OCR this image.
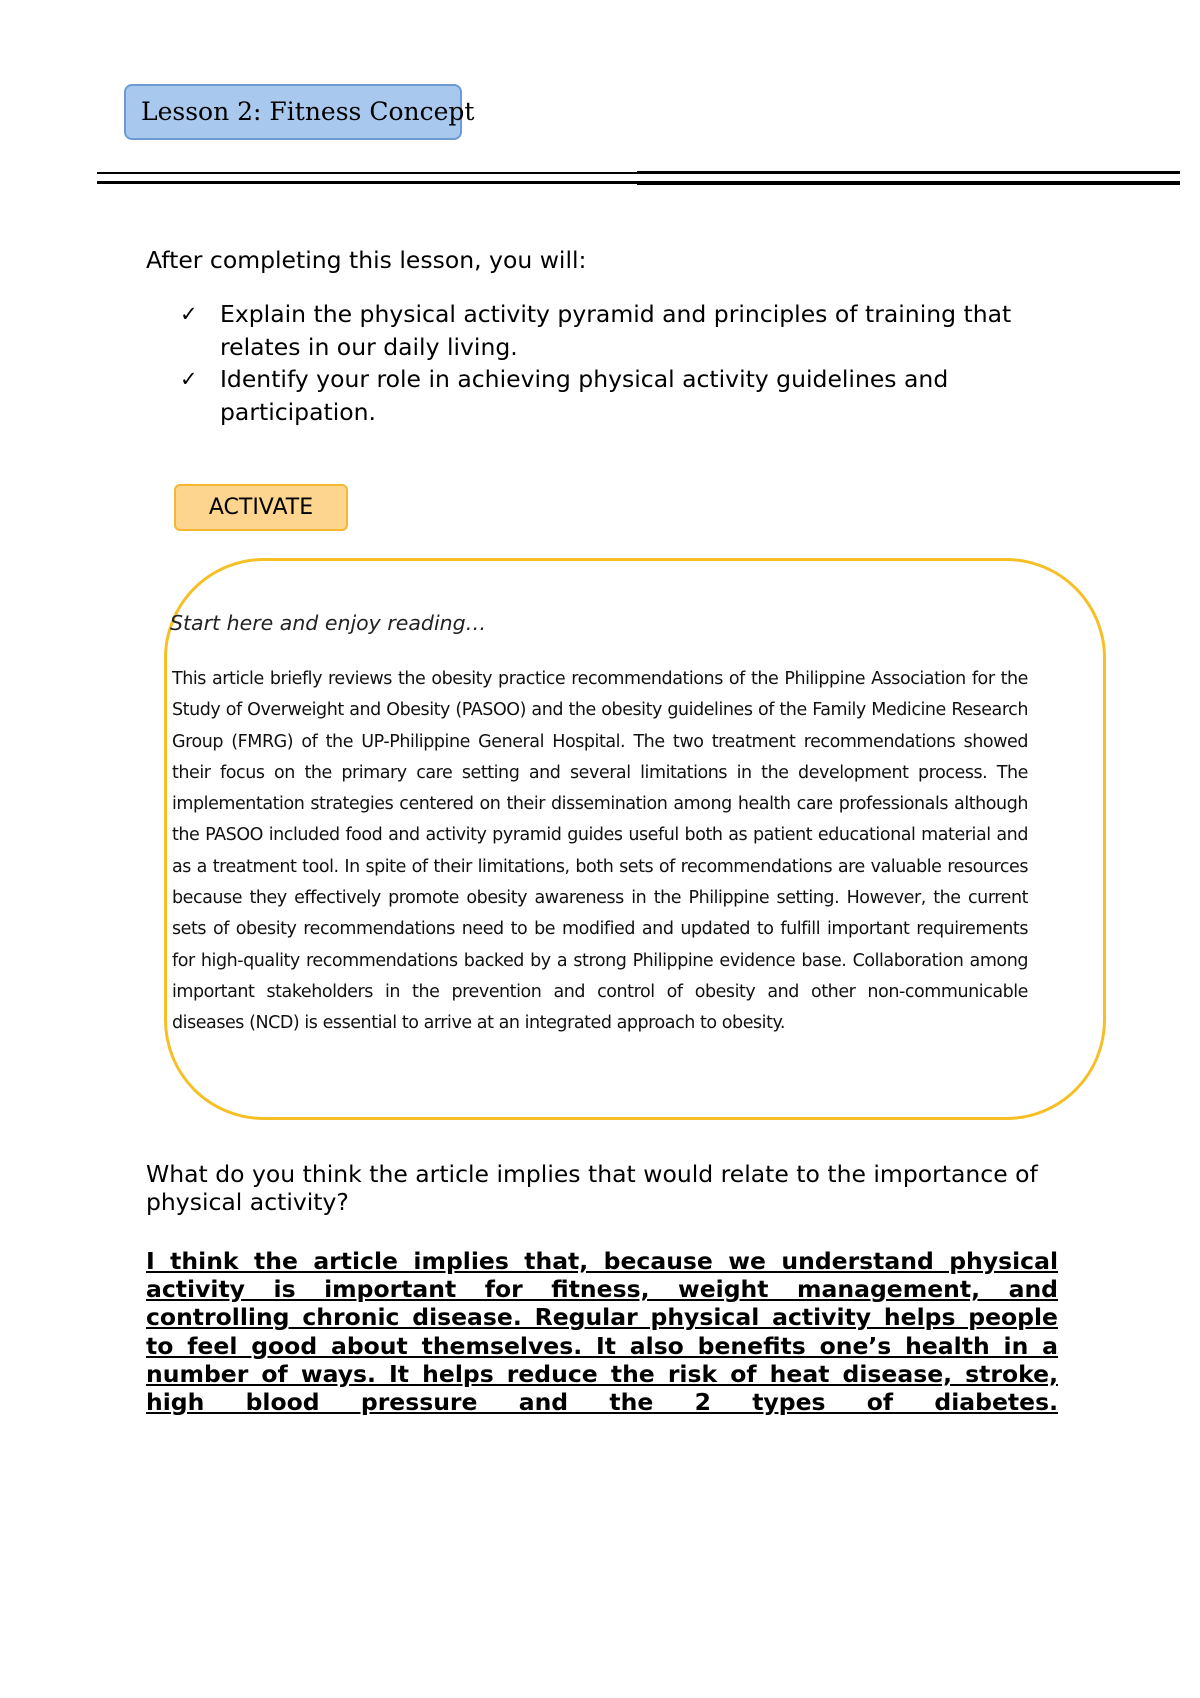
Lesson 2: Fitness Concept
After completing this lesson, you will:
✓ Explain the physical activity pyramid and principles of training that relates in our daily living.
✓ Identify your role in achieving physical activity guidelines and participation.
ACTIVATE
Start here and enjoy reading…

This article briefly reviews the obesity practice recommendations of the Philippine Association for the Study of Overweight and Obesity (PASOO) and the obesity guidelines of the Family Medicine Research Group (FMRG) of the UP-Philippine General Hospital. The two treatment recommendations showed their focus on the primary care setting and several limitations in the development process. The implementation strategies centered on their dissemination among health care professionals although the PASOO included food and activity pyramid guides useful both as patient educational material and as a treatment tool. In spite of their limitations, both sets of recommendations are valuable resources because they effectively promote obesity awareness in the Philippine setting. However, the current sets of obesity recommendations need to be modified and updated to fulfill important requirements for high-quality recommendations backed by a strong Philippine evidence base. Collaboration among important stakeholders in the prevention and control of obesity and other non-communicable diseases (NCD) is essential to arrive at an integrated approach to obesity.

What do you think the article implies that would relate to the importance of physical activity?

I think the article implies that, because we understand physical activity is important for fitness, weight management, and controlling chronic disease. Regular physical activity helps people to feel good about themselves. It also benefits one’s health in a number of ways. It helps reduce the risk of heat disease, stroke, high blood pressure and the 2 types of diabetes.
